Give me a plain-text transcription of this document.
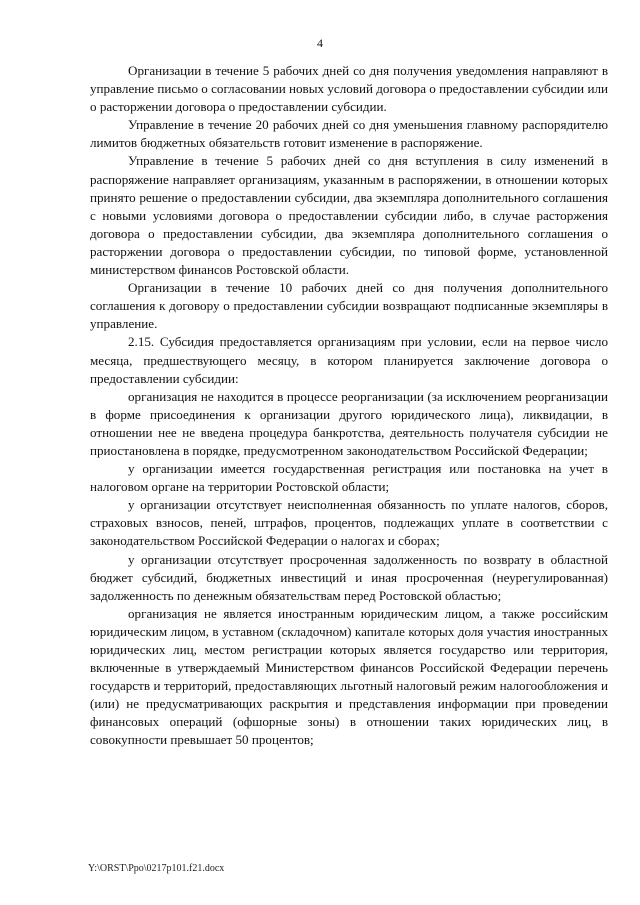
4

Организации в течение 5 рабочих дней со дня получения уведомления направляют в управление письмо о согласовании новых условий договора о предоставлении субсидии или о расторжении договора о предоставлении субсидии.

Управление в течение 20 рабочих дней со дня уменьшения главному распорядителю лимитов бюджетных обязательств готовит изменение в распоряжение.

Управление в течение 5 рабочих дней со дня вступления в силу изменений в распоряжение направляет организациям, указанным в распоряжении, в отношении которых принято решение о предоставлении субсидии, два экземпляра дополнительного соглашения с новыми условиями договора о предоставлении субсидии либо, в случае расторжения договора о предоставлении субсидии, два экземпляра дополнительного соглашения о расторжении договора о предоставлении субсидии, по типовой форме, установленной министерством финансов Ростовской области.

Организации в течение 10 рабочих дней со дня получения дополнительного соглашения к договору о предоставлении субсидии возвращают подписанные экземпляры в управление.

2.15. Субсидия предоставляется организациям при условии, если на первое число месяца, предшествующего месяцу, в котором планируется заключение договора о предоставлении субсидии:

организация не находится в процессе реорганизации (за исключением реорганизации в форме присоединения к организации другого юридического лица), ликвидации, в отношении нее не введена процедура банкротства, деятельность получателя субсидии не приостановлена в порядке, предусмотренном законодательством Российской Федерации;

у организации имеется государственная регистрация или постановка на учет в налоговом органе на территории Ростовской области;

у организации отсутствует неисполненная обязанность по уплате налогов, сборов, страховых взносов, пеней, штрафов, процентов, подлежащих уплате в соответствии с законодательством Российской Федерации о налогах и сборах;

у организации отсутствует просроченная задолженность по возврату в областной бюджет субсидий, бюджетных инвестиций и иная просроченная (неурегулированная) задолженность по денежным обязательствам перед Ростовской областью;

организация не является иностранным юридическим лицом, а также российским юридическим лицом, в уставном (складочном) капитале которых доля участия иностранных юридических лиц, местом регистрации которых является государство или территория, включенные в утверждаемый Министерством финансов Российской Федерации перечень государств и территорий, предоставляющих льготный налоговый режим налогообложения и (или) не предусматривающих раскрытия и представления информации при проведении финансовых операций (офшорные зоны) в отношении таких юридических лиц, в совокупности превышает 50 процентов;

Y:\ORST\Ppo\0217p101.f21.docx
